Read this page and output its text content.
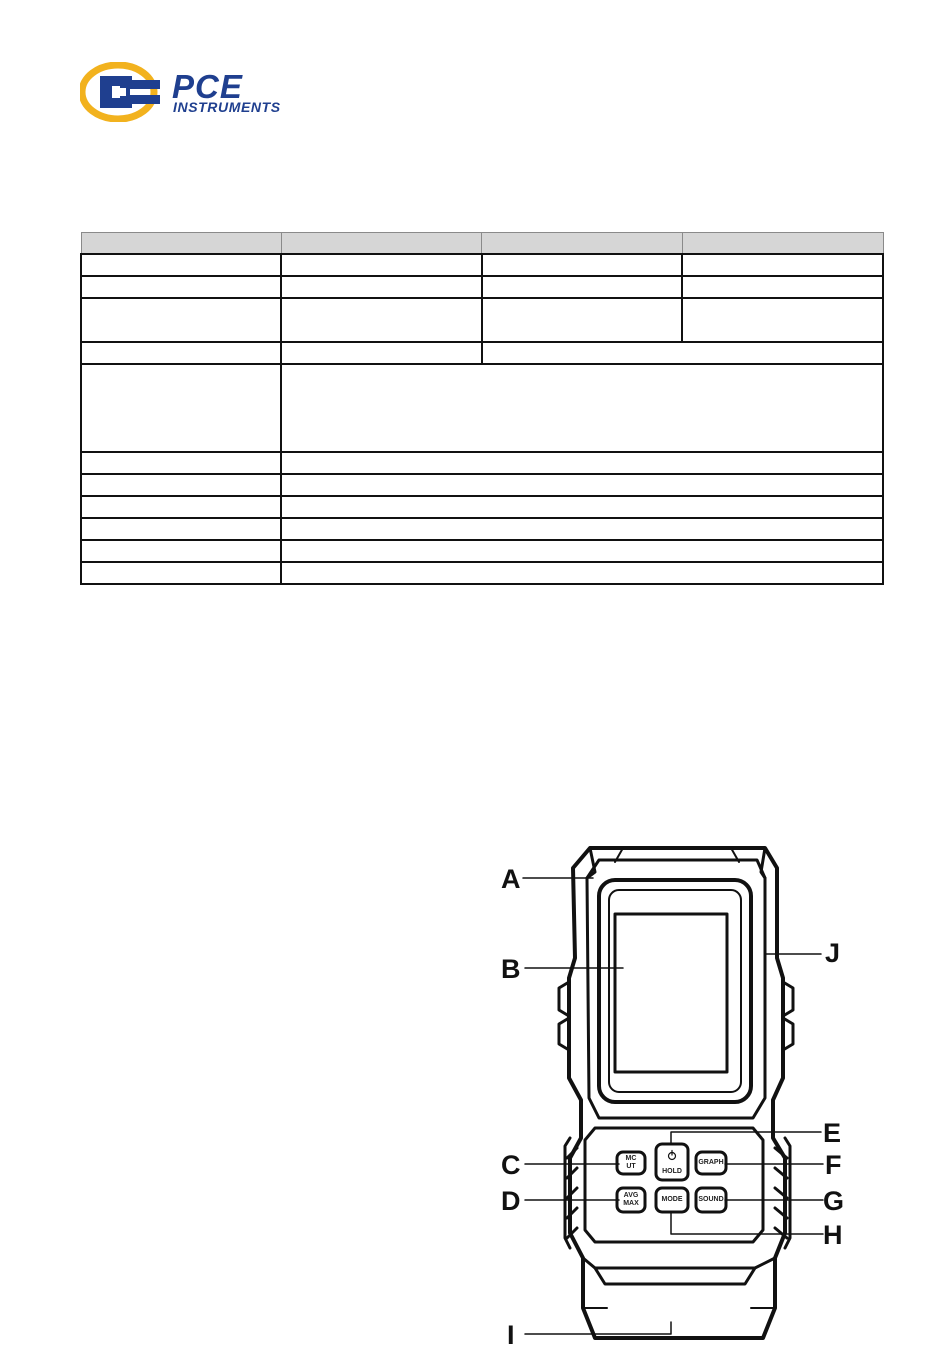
PCE

INSTRUMENTS

A
B
C
D
E
F
G
H
I
J
MC
UT
AVG
MAX
HOLD
GRAPH
MODE	SOUND
